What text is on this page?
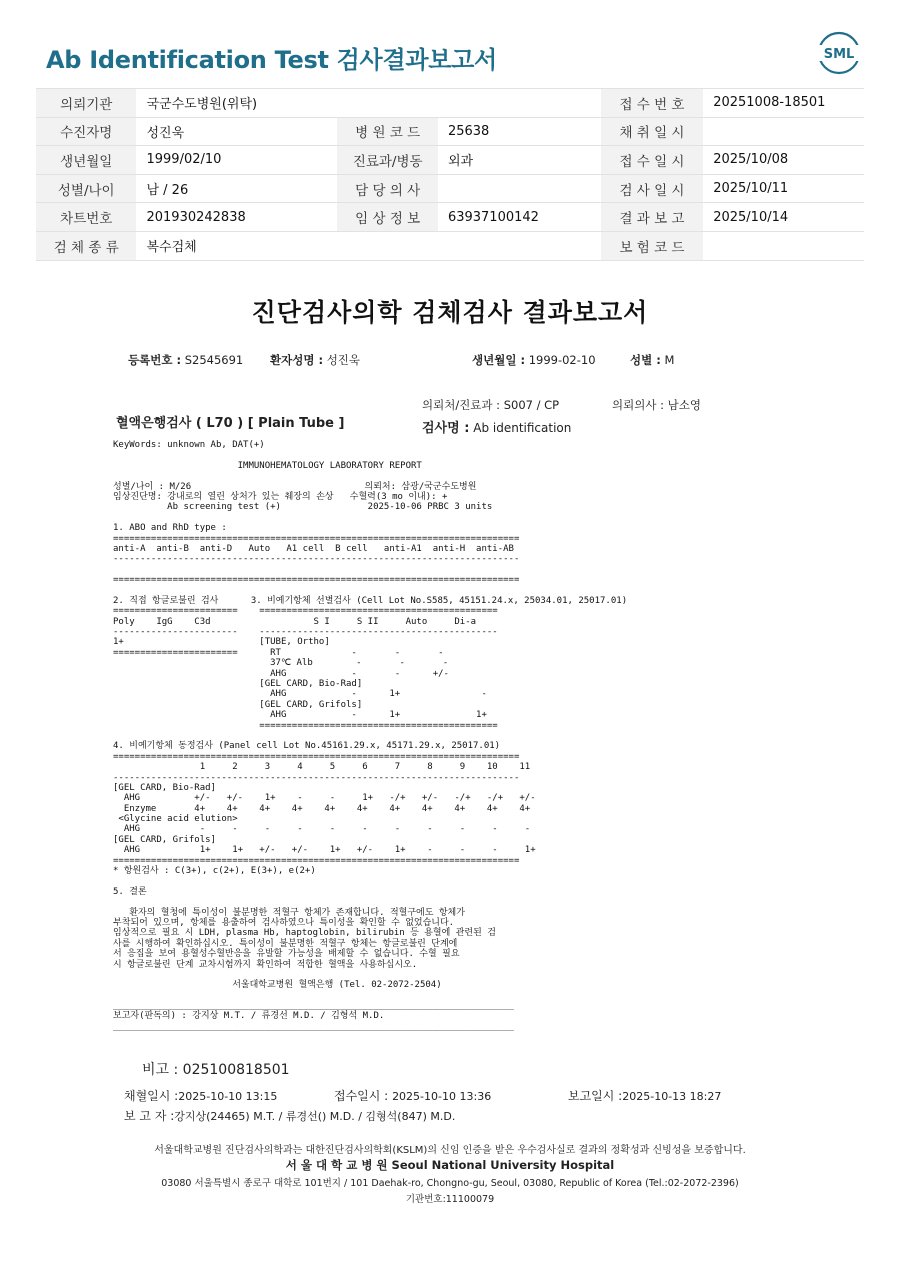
Ab Identification Test 검사결과보고서	SML
의뢰기관	국군수도병원(위탁)			접 수 번 호	20251008-18501
수진자명	성진욱	병 원 코 드	25638	채 취 일 시	
생년월일	1999/02/10	진료과/병동	외과	접 수 일 시	2025/10/08
성별/나이	남 / 26	담 당 의 사		검 사 일 시	2025/10/11
차트번호	201930242838	임 상 정 보	63937100142	결 과 보 고	2025/10/14
검 체 종 류	복수검체			보 험 코 드	
진단검사의학 검체검사 결과보고서
등록번호 : S2545691 환자성명 : 성진욱	생년월일 : 1999-02-10	성별 : M
의뢰처/진료과 : S007 / CP	의뢰의사 : 남소영
혈액은행검사 ( L70 ) [ Plain Tube ]	검사명 : Ab identification
KeyWords: unknown Ab, DAT(+)
IMMUNOHEMATOLOGY LABORATORY REPORT
성별/나이 : M/26                                의뢰처: 삼광/국군수도병원
임상진단명: 강내로의 열린 상처가 있는 췌장의 손상   수혈력(3 mo 이내): +
Ab screening test (+)                2025-10-06 PRBC 3 units
1. ABO and RhD type :
===========================================================================
anti-A  anti-B  anti-D   Auto   A1 cell  B cell   anti-A1  anti-H  anti-AB
---------------------------------------------------------------------------
===========================================================================
2. 직접 항글로불린 검사      3. 비예기항체 선별검사 (Cell Lot No.S585, 45151.24.x, 25034.01, 25017.01)
=======================    ============================================
Poly    IgG    C3d                   S I     S II     Auto     Di-a
-----------------------    --------------------------------------------
1+                         [TUBE, Ortho]
=======================      RT             -       -       -
37℃ Alb        -       -       -
AHG            -       -      +/-
[GEL CARD, Bio-Rad]
AHG            -      1+               -
[GEL CARD, Grifols]
AHG            -      1+              1+
============================================
4. 비예기항체 동정검사 (Panel cell Lot No.45161.29.x, 45171.29.x, 25017.01)
===========================================================================
1     2     3     4     5     6     7     8     9    10    11
---------------------------------------------------------------------------
[GEL CARD, Bio-Rad]
AHG          +/-   +/-    1+    -     -     1+   -/+   +/-   -/+   -/+   +/-
Enzyme       4+    4+    4+    4+    4+    4+    4+    4+    4+    4+    4+
<Glycine acid elution>
AHG           -     -     -     -     -     -     -     -     -     -     -
[GEL CARD, Grifols]
AHG           1+    1+   +/-   +/-    1+   +/-    1+    -     -     -     1+
===========================================================================
* 항원검사 : C(3+), c(2+), E(3+), e(2+)
5. 결론
환자의 혈청에 특이성이 불분명한 적혈구 항체가 존재합니다. 적혈구에도 항체가
부착되어 있으며, 항체를 용출하여 검사하였으나 특이성을 확인할 수 없었습니다.
임상적으로 필요 시 LDH, plasma Hb, haptoglobin, bilirubin 등 용혈에 관련된 검
사를 시행하여 확인하십시오. 특이성이 불분명한 적혈구 항체는 항글로불린 단계에
서 응집을 보여 용혈성수혈반응을 유발할 가능성을 배제할 수 없습니다. 수혈 필요
시 항글로불린 단계 교차시험까지 확인하여 적합한 혈액을 사용하십시오.
서울대학교병원 혈액은행 (Tel. 02-2072-2504)
__________________________________________________________________________
보고자(판독의) : 강지상 M.T. / 류경선 M.D. / 김형석 M.D.
__________________________________________________________________________
비고 : 025100818501
채혈일시 :2025-10-10 13:15	접수일시 : 2025-10-10 13:36	보고일시 :2025-10-13 18:27
보 고 자 :강지상(24465) M.T. / 류경선() M.D. / 김형석(847) M.D.
서울대학교병원 진단검사의학과는 대한진단검사의학회(KSLM)의 신임 인증을 받은 우수검사실로 결과의 정확성과 신빙성을 보증합니다.
서 울 대 학 교 병 원 Seoul National University Hospital
03080 서울특별시 종로구 대학로 101번지 / 101 Daehak-ro, Chongno-gu, Seoul, 03080, Republic of Korea (Tel.:02-2072-2396)
기관번호:11100079
